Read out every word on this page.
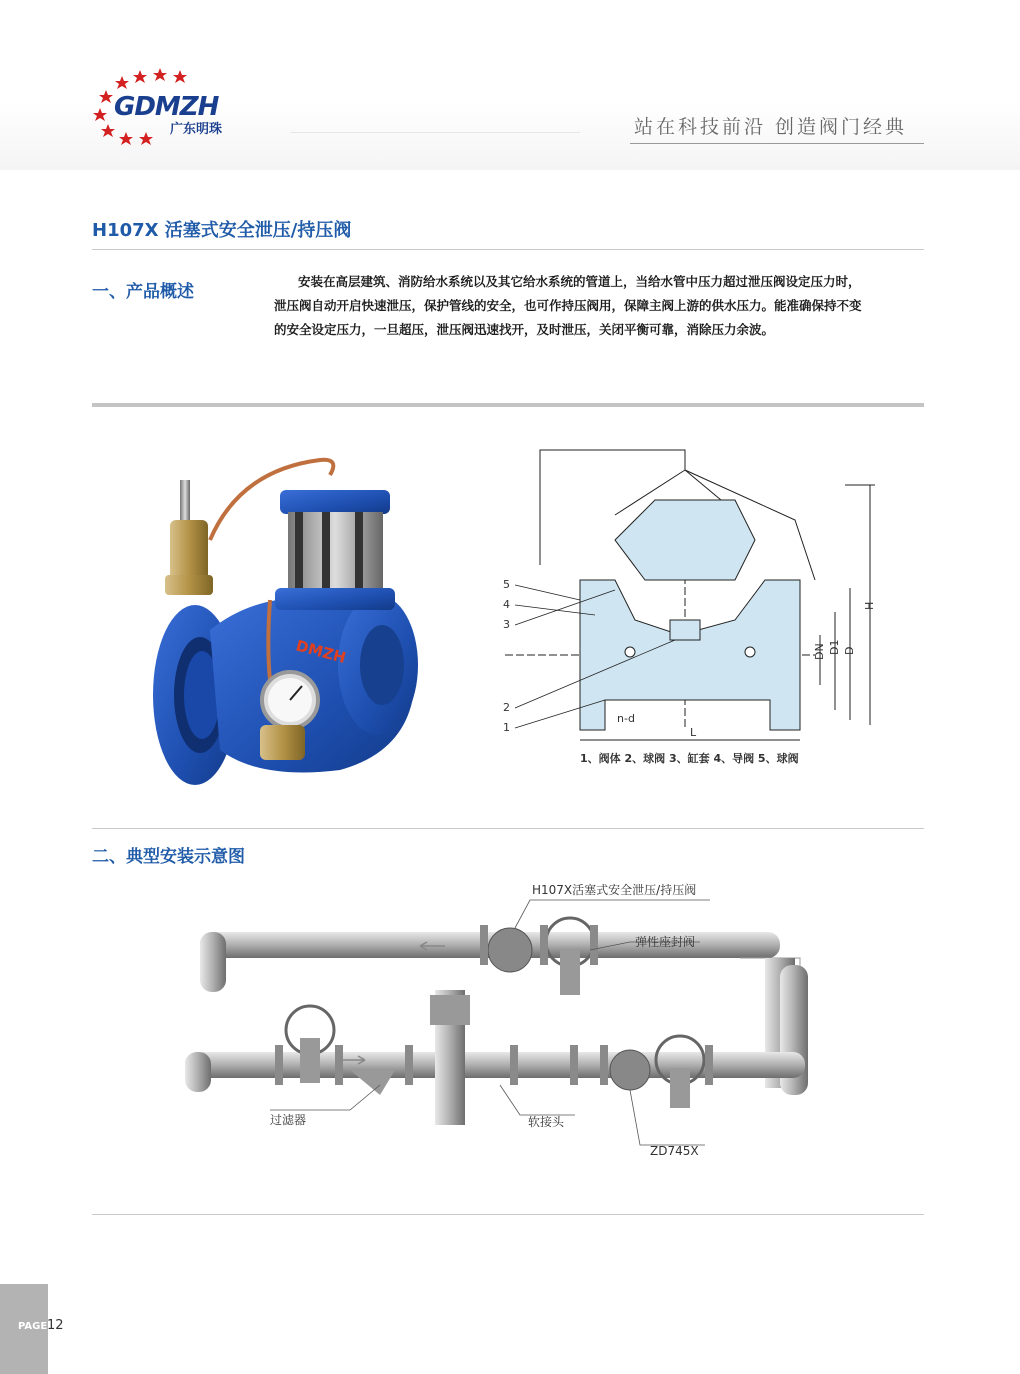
GDMZH
广东明珠	站在科技前沿 创造阀门经典
H107X 活塞式安全泄压/持压阀
一、产品概述
安装在高层建筑、消防给水系统以及其它给水系统的管道上，当给水管中压力超过泄压阀设定压力时，
泄压阀自动开启快速泄压，保护管线的安全，也可作持压阀用，保障主阀上游的供水压力。能准确保持不变
的安全设定压力，一旦超压，泄压阀迅速找开，及时泄压，关闭平衡可靠，消除压力余波。
DMZH
5
4
3
2
1
DN D1 D
H
L
n-d
1、阀体 2、球阀 3、缸套 4、导阀 5、球阀
二、典型安装示意图
H107X活塞式安全泄压/持压阀
弹性座封阀
过滤器	软接头
ZD745X
PAGE 12
